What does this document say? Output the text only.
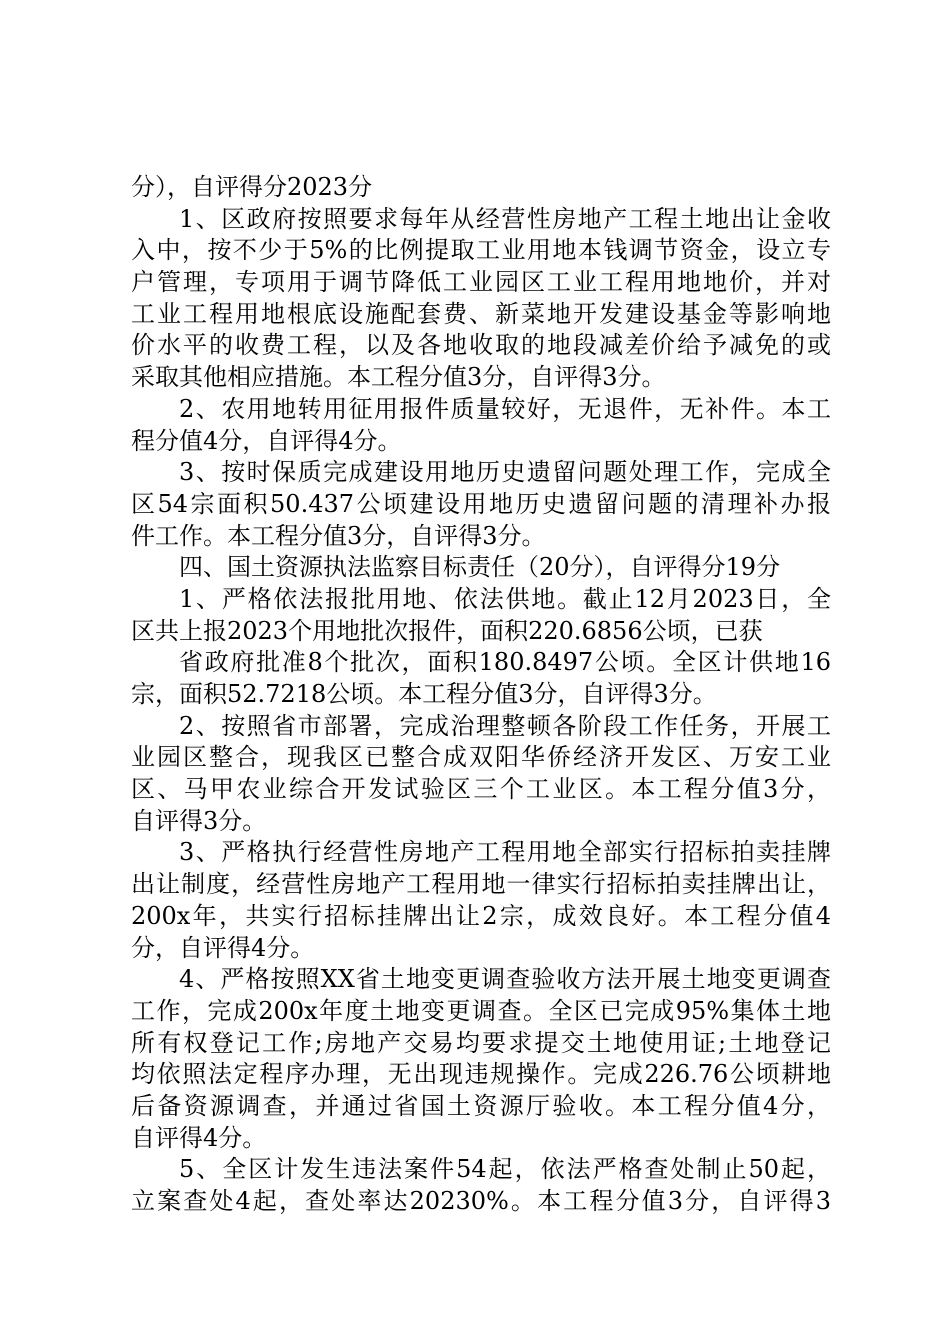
分），自评得分2023分
1、区政府按照要求每年从经营性房地产工程土地出让金收
入中，按不少于5%的比例提取工业用地本钱调节资金，设立专
户管理，专项用于调节降低工业园区工业工程用地地价，并对
工业工程用地根底设施配套费、新菜地开发建设基金等影响地
价水平的收费工程，以及各地收取的地段减差价给予减免的或
采取其他相应措施。本工程分值3分，自评得3分。
2、农用地转用征用报件质量较好，无退件，无补件。本工
程分值4分，自评得4分。
3、按时保质完成建设用地历史遗留问题处理工作，完成全
区54宗面积50.437公顷建设用地历史遗留问题的清理补办报
件工作。本工程分值3分，自评得3分。
四、国土资源执法监察目标责任（20分），自评得分19分
1、严格依法报批用地、依法供地。截止12月2023日，全
区共上报2023个用地批次报件，面积220.6856公顷，已获
省政府批准8个批次，面积180.8497公顷。全区计供地16
宗，面积52.7218公顷。本工程分值3分，自评得3分。
2、按照省市部署，完成治理整顿各阶段工作任务，开展工
业园区整合，现我区已整合成双阳华侨经济开发区、万安工业
区、马甲农业综合开发试验区三个工业区。本工程分值3分，
自评得3分。
3、严格执行经营性房地产工程用地全部实行招标拍卖挂牌
出让制度，经营性房地产工程用地一律实行招标拍卖挂牌出让，
200x年，共实行招标挂牌出让2宗，成效良好。本工程分值4
分，自评得4分。
4、严格按照XX省土地变更调查验收方法开展土地变更调查
工作，完成200x年度土地变更调查。全区已完成95%集体土地
所有权登记工作;房地产交易均要求提交土地使用证;土地登记
均依照法定程序办理，无出现违规操作。完成226.76公顷耕地
后备资源调查，并通过省国土资源厅验收。本工程分值4分，
自评得4分。
5、全区计发生违法案件54起，依法严格查处制止50起，
立案查处4起，查处率达20230%。本工程分值3分，自评得3
